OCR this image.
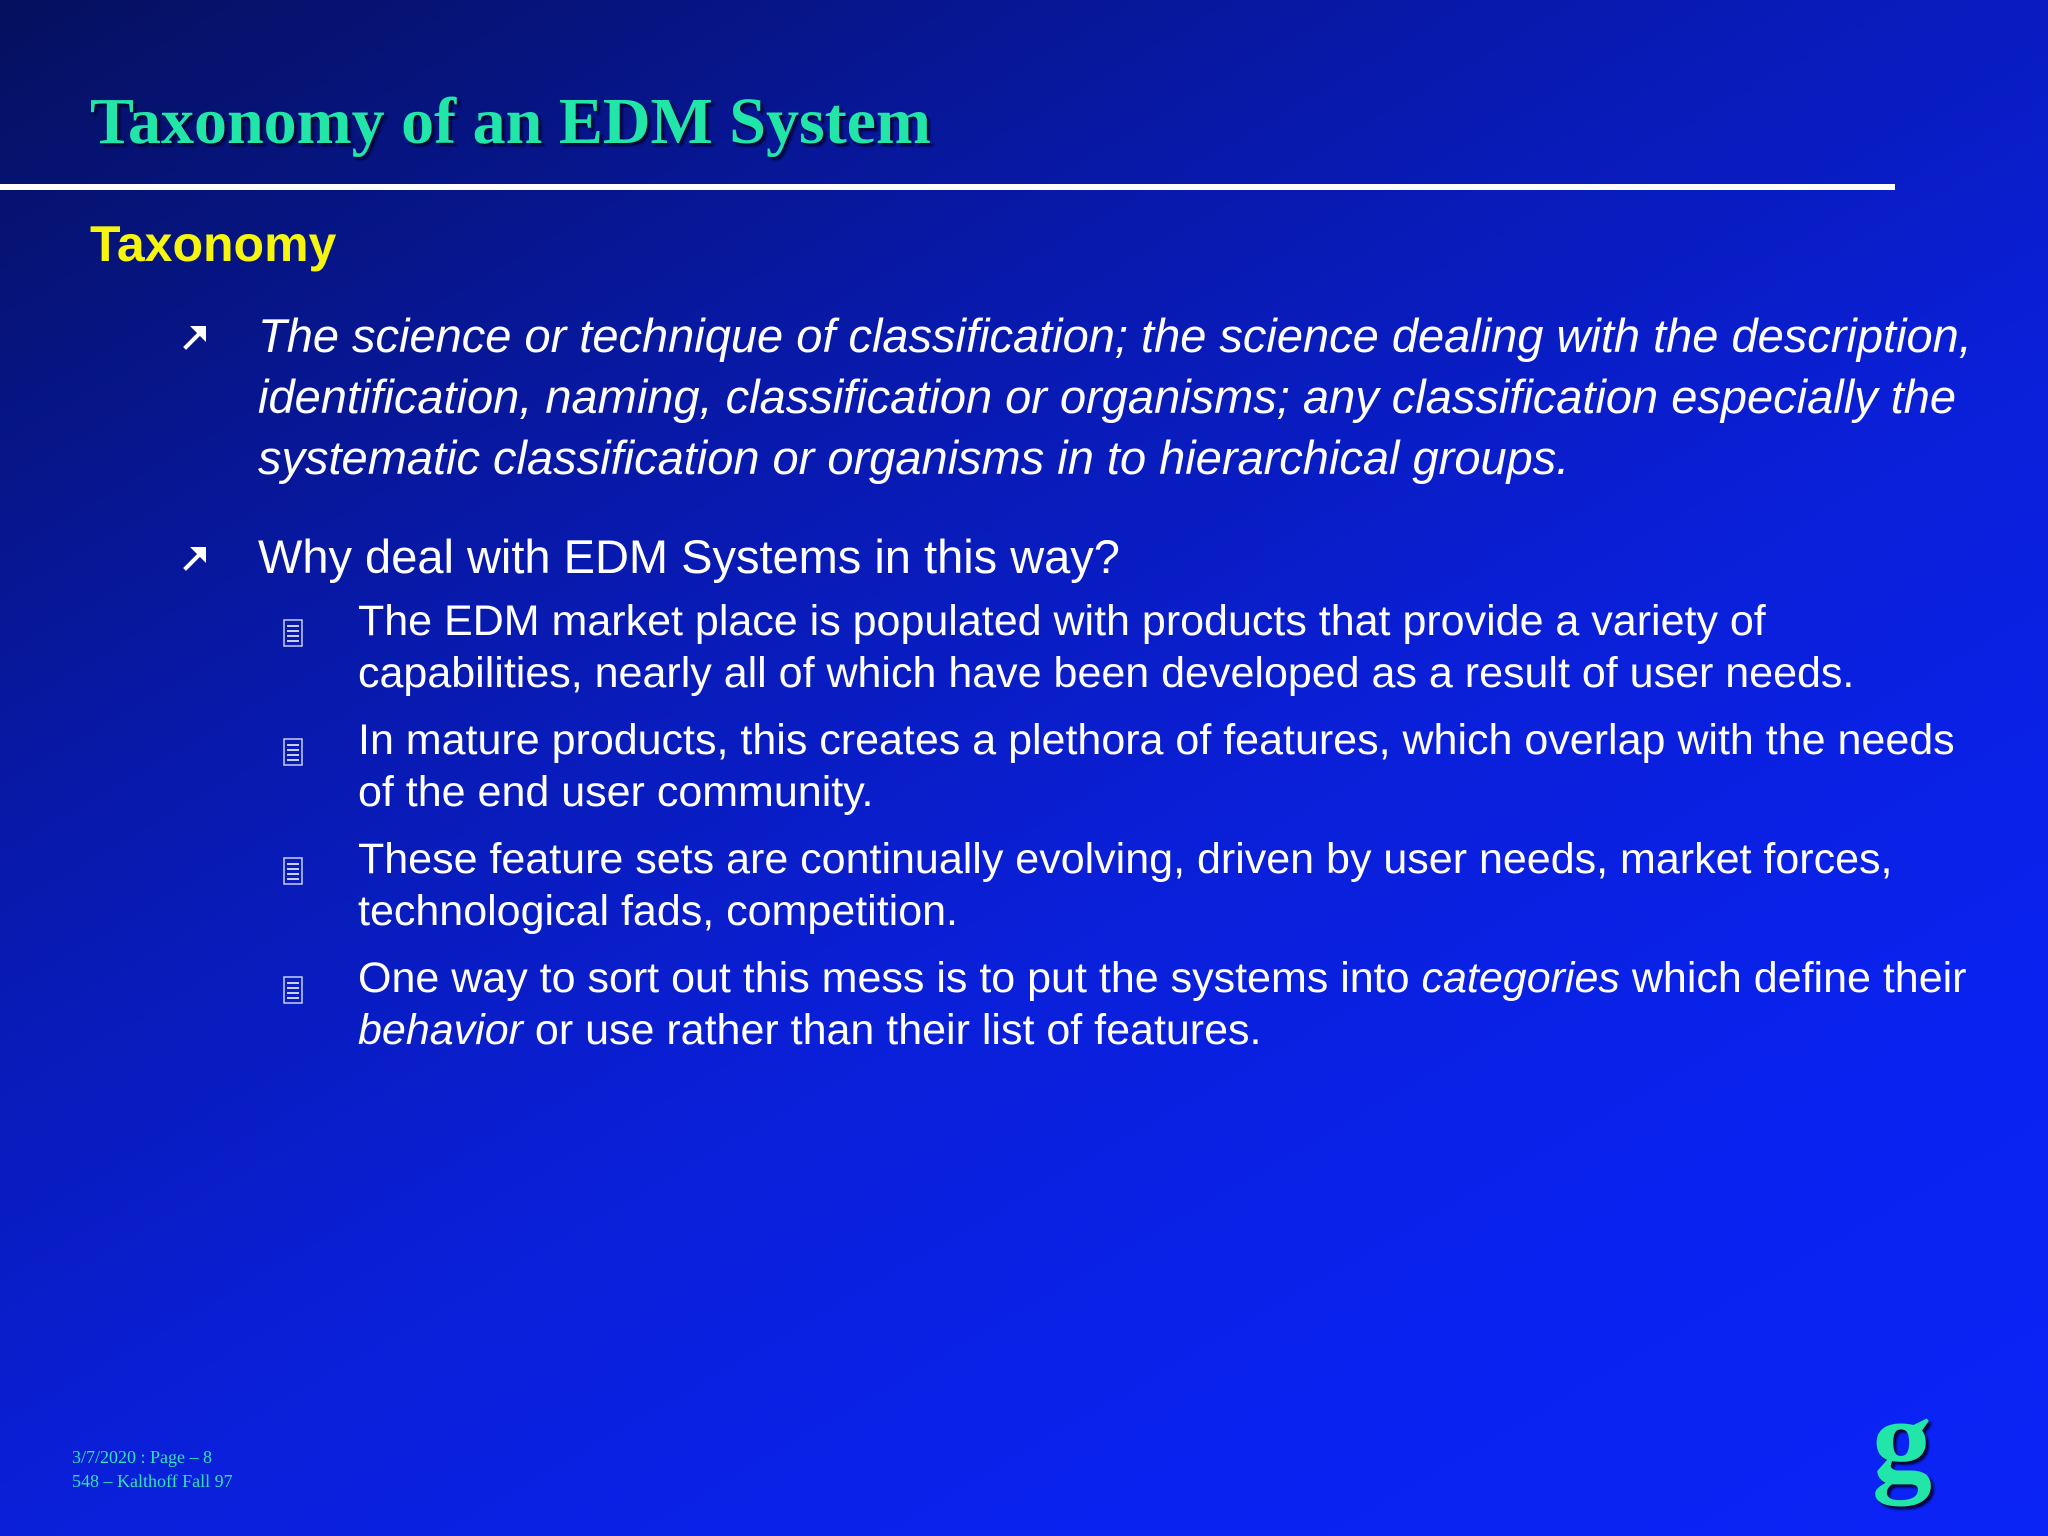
Taxonomy of an EDM System
Taxonomy
The science or technique of classification; the science dealing with the description, identification, naming, classification or organisms; any classification especially the systematic classification or organisms in to hierarchical groups.
Why deal with EDM Systems in this way?
The EDM market place is populated with products that provide a variety of capabilities, nearly all of which have been developed as a result of user needs.
In mature products, this creates a plethora of features, which overlap with the needs of the end user community.
These feature sets are continually evolving, driven by user needs, market forces, technological fads, competition.
One way to sort out this mess is to put the systems into categories which define their behavior or use rather than their list of features.
3/7/2020 : Page – 8
548 – Kalthoff Fall 97	g
